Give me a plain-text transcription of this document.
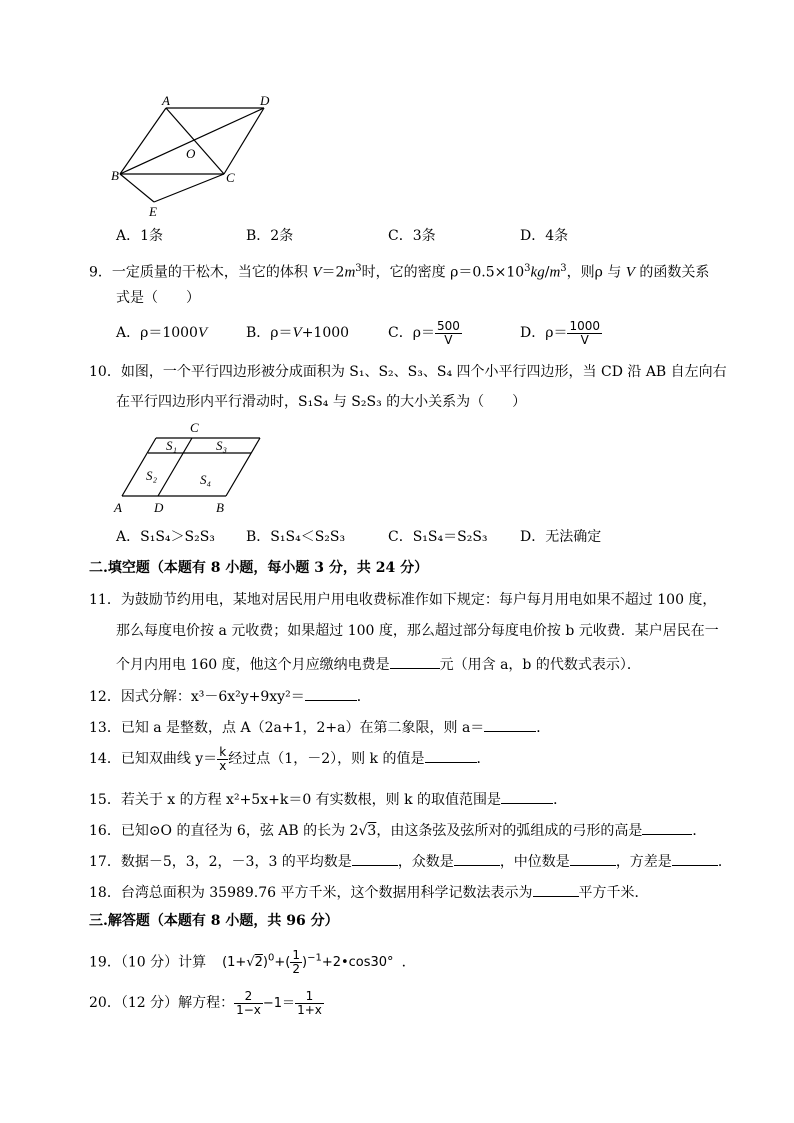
A	D
O
B	C
E
A．1条	B．2条	C．3条	D．4条
9．一定质量的干松木，当它的体积 $V=2m^3$时，它的密度 $\rho=0.5\times 10^3kg/m^3$，则ρ 与 V 的函数关系
式是（　　）
A．ρ＝1000V	B．ρ＝V+1000	C．$\rho= \frac{500}{V}$	D．$\rho= \frac{1000}{V}$
10．如图，一个平行四边形被分成面积为 S₁、S₂、S₃、S₄ 四个小平行四边形，当 CD 沿 AB 自左向右
在平行四边形内平行滑动时，S₁S₄ 与 S₂S₃ 的大小关系为（　　）
C
S₁	S₃
S₂	S₄
A D	B
A．S₁S₄＞S₂S₃ B．S₁S₄＜S₂S₃	C．S₁S₄＝S₂S₃ D．无法确定
二.填空题（本题有 8 小题，每小题 3 分，共 24 分）
11．为鼓励节约用电，某地对居民用户用电收费标准作如下规定：每户每月用电如果不超过 100 度，
那么每度电价按 a 元收费；如果超过 100 度，那么超过部分每度电价按 b 元收费．某户居民在一
个月内用电 160 度，他这个月应缴纳电费是	元（用含 a，b 的代数式表示）．
12．因式分解：x³－6x²y+9xy²＝	．
13．已知 a 是整数，点 A（2a+1，2+a）在第二象限，则 a＝	．
14．已知双曲线 $y= \frac{k}{x}$ 经过点（1，－2），则 k 的值是	．
15．若关于 x 的方程 x²+5x+k＝0 有实数根，则 k 的取值范围是	．
16．已知⊙O 的直径为 6，弦 AB 的长为 2√3，由这条弦及弦所对的弧组成的弓形的高是	．
17．数据－5，3，2，－3，3 的平均数是	，众数是	，中位数是	，方差是	．
18．台湾总面积为 35989.76 平方千米，这个数据用科学记数法表示为	平方千米．
三.解答题（本题有 8 小题，共 96 分）
19．（10 分）计算 $(1+√2)^0+( \frac{1}{2}$ )$^{-1}+2•\cos 30^\circ$ ．
20．（12 分）解方程： $\frac{2}{1-x} -1= \frac{1}{1+x}$
